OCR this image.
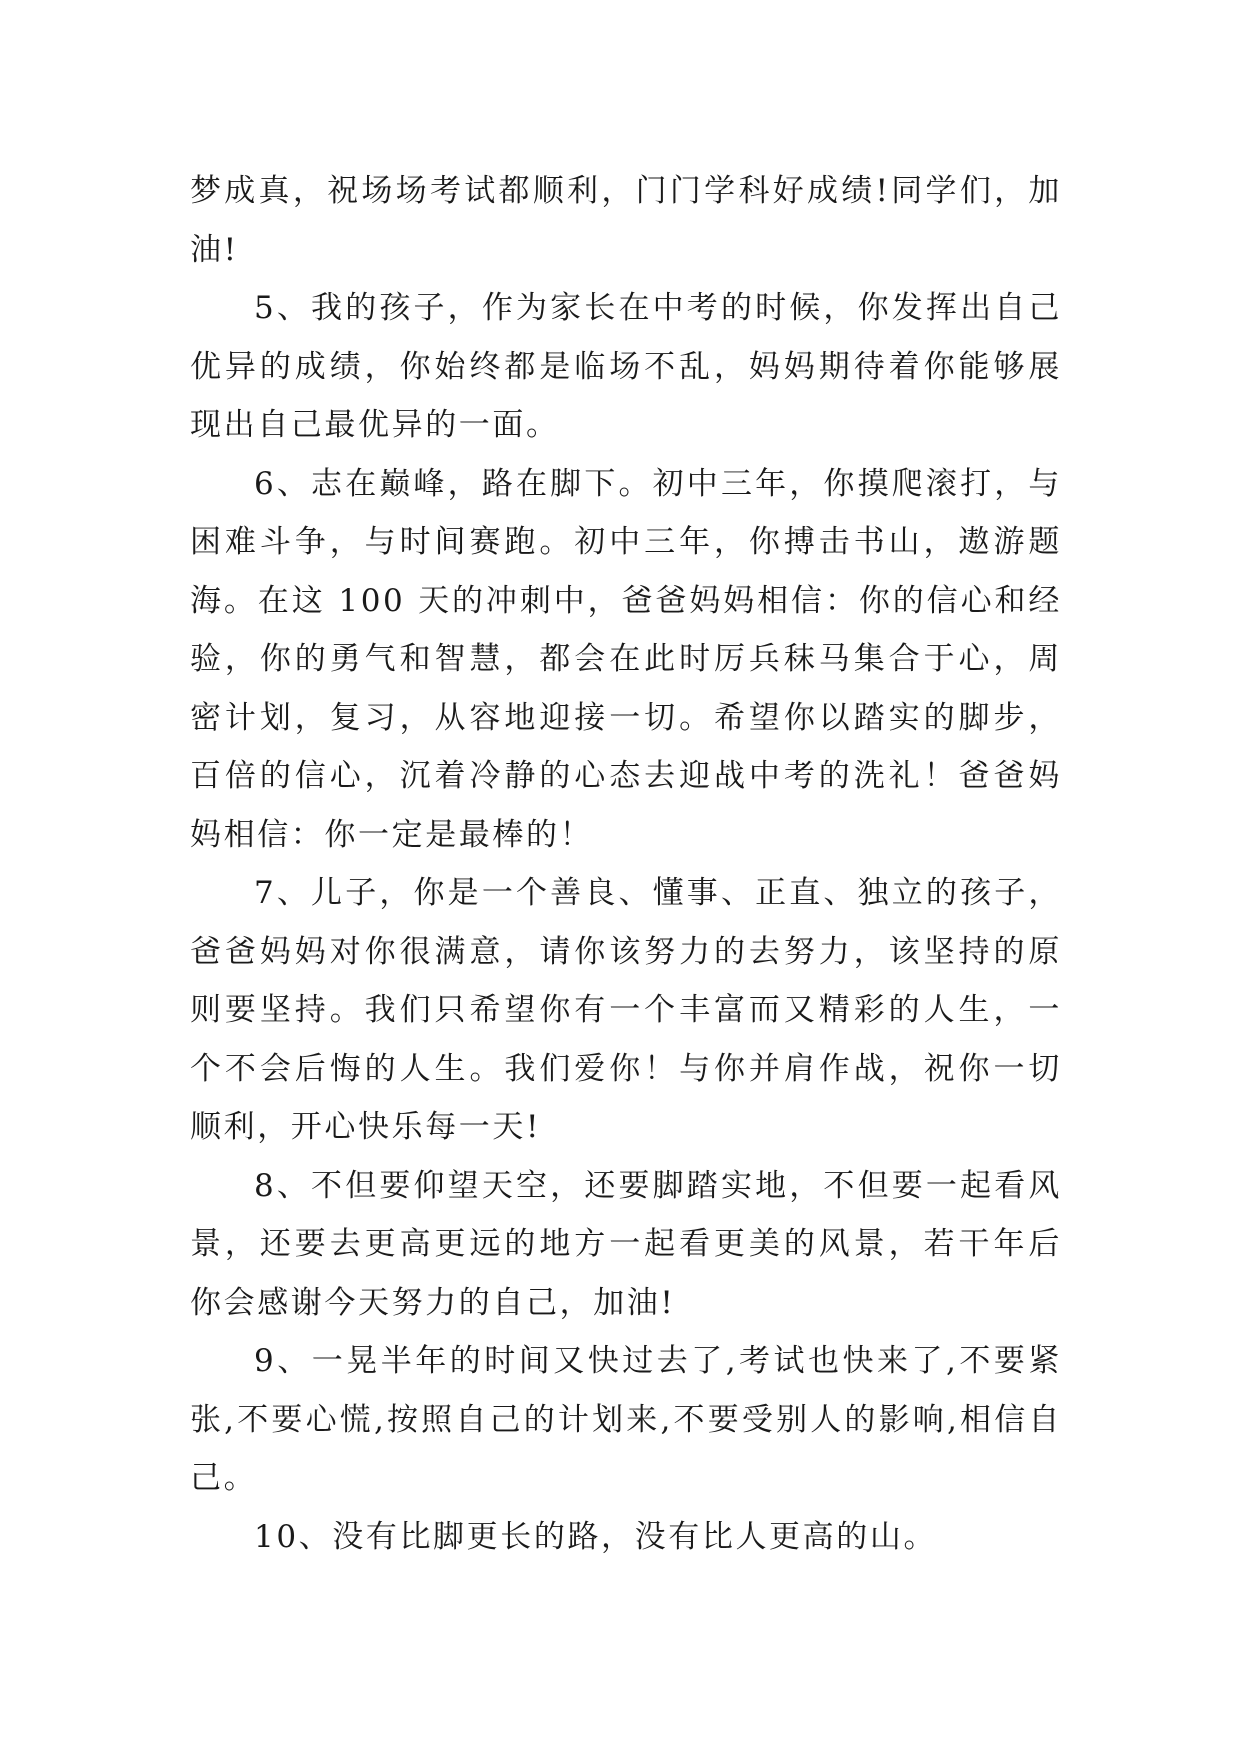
梦成真，祝场场考试都顺利，门门学科好成绩!同学们，加油!

5、我的孩子，作为家长在中考的时候，你发挥出自己优异的成绩，你始终都是临场不乱，妈妈期待着你能够展现出自己最优异的一面。

6、志在巅峰，路在脚下。初中三年，你摸爬滚打，与困难斗争，与时间赛跑。初中三年，你搏击书山，遨游题海。在这 100 天的冲刺中，爸爸妈妈相信：你的信心和经验，你的勇气和智慧，都会在此时厉兵秣马集合于心，周密计划，复习，从容地迎接一切。希望你以踏实的脚步，百倍的信心，沉着冷静的心态去迎战中考的洗礼！爸爸妈妈相信：你一定是最棒的！

7、儿子，你是一个善良、懂事、正直、独立的孩子，爸爸妈妈对你很满意，请你该努力的去努力，该坚持的原则要坚持。我们只希望你有一个丰富而又精彩的人生，一个不会后悔的人生。我们爱你！与你并肩作战，祝你一切顺利，开心快乐每一天!

8、不但要仰望天空，还要脚踏实地，不但要一起看风景，还要去更高更远的地方一起看更美的风景，若干年后你会感谢今天努力的自己，加油!

9、一晃半年的时间又快过去了,考试也快来了,不要紧张,不要心慌,按照自己的计划来,不要受别人的影响,相信自己。

10、没有比脚更长的路，没有比人更高的山。
